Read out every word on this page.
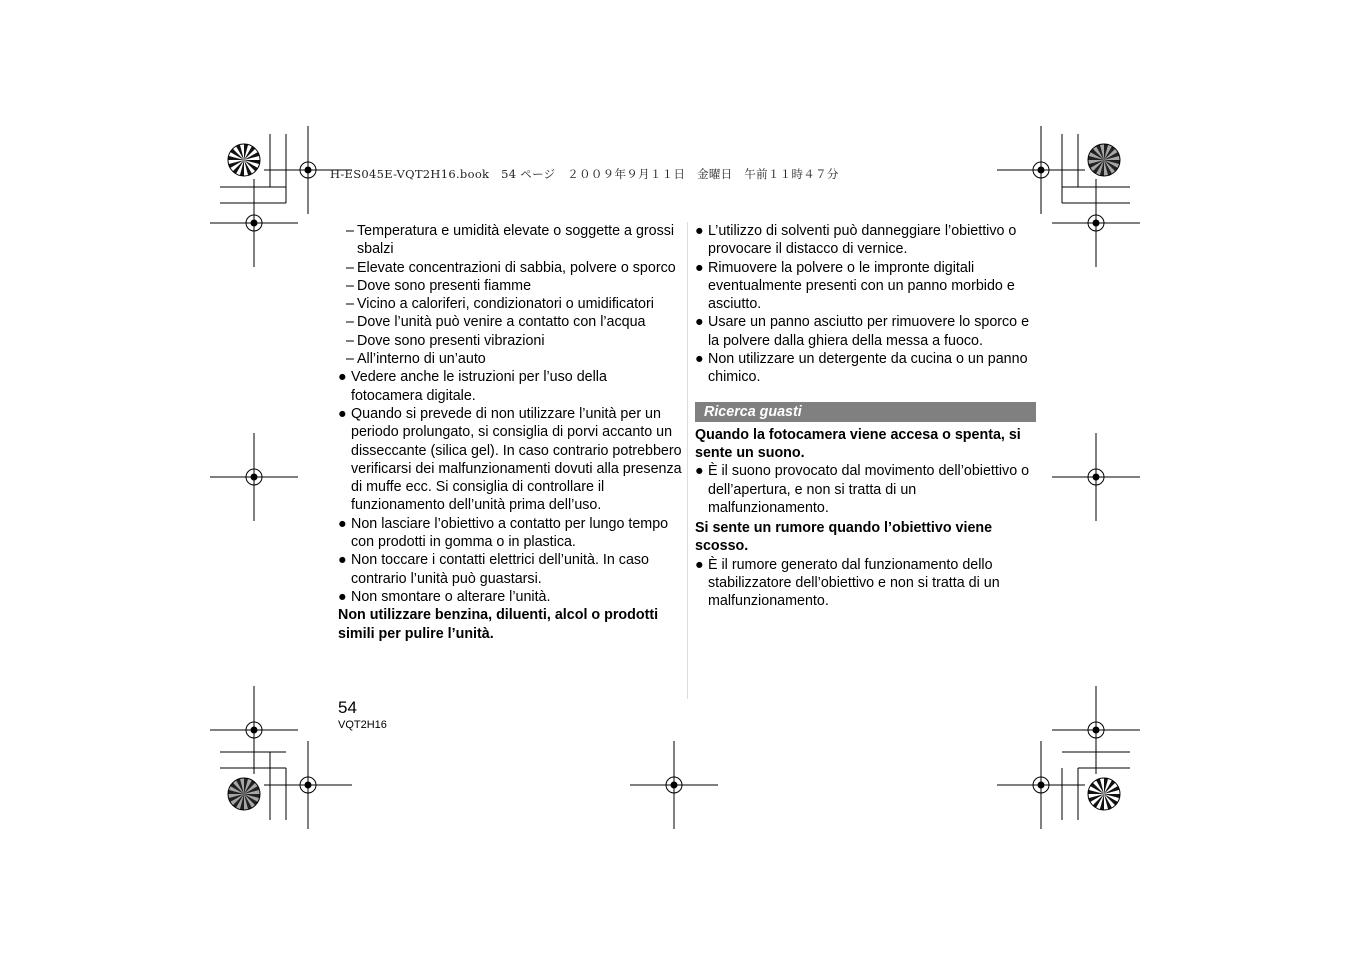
H-ES045E-VQT2H16.book　54 ページ　２００９年９月１１日　金曜日　午前１１時４７分
– Temperatura e umidità elevate o soggette a grossi sbalzi
– Elevate concentrazioni di sabbia, polvere o sporco
– Dove sono presenti fiamme
– Vicino a caloriferi, condizionatori o umidificatori
– Dove l’unità può venire a contatto con l’acqua
– Dove sono presenti vibrazioni
– All’interno di un’auto
● Vedere anche le istruzioni per l’uso della fotocamera digitale.
● Quando si prevede di non utilizzare l’unità per un periodo prolungato, si consiglia di porvi accanto un disseccante (silica gel). In caso contrario potrebbero verificarsi dei malfunzionamenti dovuti alla presenza di muffe ecc. Si consiglia di controllare il funzionamento dell’unità prima dell’uso.
● Non lasciare l’obiettivo a contatto per lungo tempo con prodotti in gomma o in plastica.
● Non toccare i contatti elettrici dell’unità. In caso contrario l’unità può guastarsi.
● Non smontare o alterare l’unità.
Non utilizzare benzina, diluenti, alcol o prodotti simili per pulire l’unità.
● L’utilizzo di solventi può danneggiare l’obiettivo o provocare il distacco di vernice.
● Rimuovere la polvere o le impronte digitali eventualmente presenti con un panno morbido e asciutto.
● Usare un panno asciutto per rimuovere lo sporco e la polvere dalla ghiera della messa a fuoco.
● Non utilizzare un detergente da cucina o un panno chimico.
Ricerca guasti
Quando la fotocamera viene accesa o spenta, si sente un suono.
● È il suono provocato dal movimento dell’obiettivo o dell’apertura, e non si tratta di un malfunzionamento.
Si sente un rumore quando l’obiettivo viene scosso.
● È il rumore generato dal funzionamento dello stabilizzatore dell’obiettivo e non si tratta di un malfunzionamento.
54
VQT2H16
